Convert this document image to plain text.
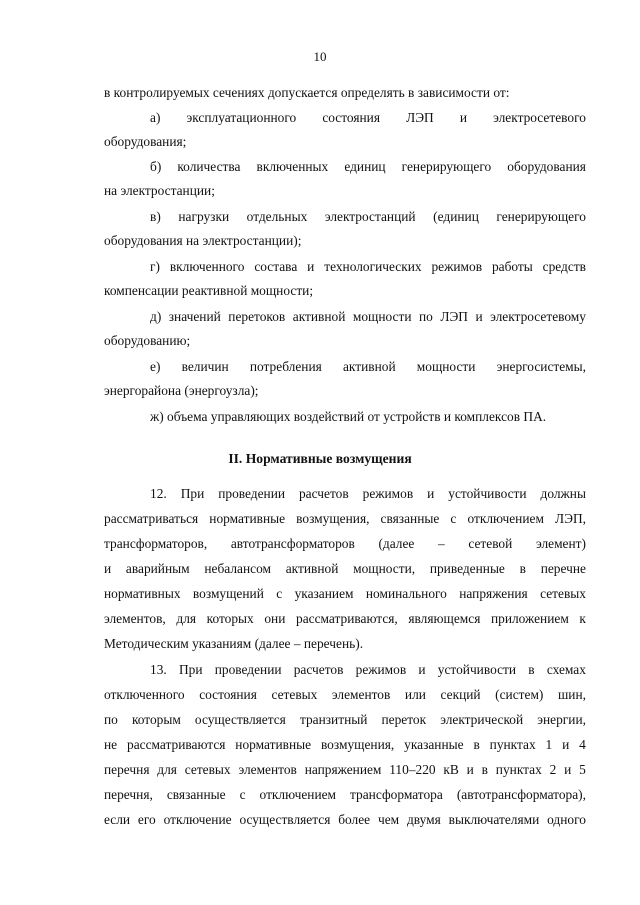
10
в контролируемых сечениях допускается определять в зависимости от:
а) эксплуатационного состояния ЛЭП и электросетевого
оборудования;
б) количества включенных единиц генерирующего оборудования
на электростанции;
в) нагрузки отдельных электростанций (единиц генерирующего
оборудования на электростанции);
г) включенного состава и технологических режимов работы средств
компенсации реактивной мощности;
д) значений перетоков активной мощности по ЛЭП и электросетевому
оборудованию;
е) величин потребления активной мощности энергосистемы,
энергорайона (энергоузла);
ж) объема управляющих воздействий от устройств и комплексов ПА.
II. Нормативные возмущения
12. При проведении расчетов режимов и устойчивости должны
рассматриваться нормативные возмущения, связанные с отключением ЛЭП,
трансформаторов, автотрансформаторов (далее – сетевой элемент)
и аварийным небалансом активной мощности, приведенные в перечне
нормативных возмущений с указанием номинального напряжения сетевых
элементов, для которых они рассматриваются, являющемся приложением к
Методическим указаниям (далее – перечень).
13. При проведении расчетов режимов и устойчивости в схемах
отключенного состояния сетевых элементов или секций (систем) шин,
по которым осуществляется транзитный переток электрической энергии,
не рассматриваются нормативные возмущения, указанные в пунктах 1 и 4
перечня для сетевых элементов напряжением 110–220 кВ и в пунктах 2 и 5
перечня, связанные с отключением трансформатора (автотрансформатора),
если его отключение осуществляется более чем двумя выключателями одного
